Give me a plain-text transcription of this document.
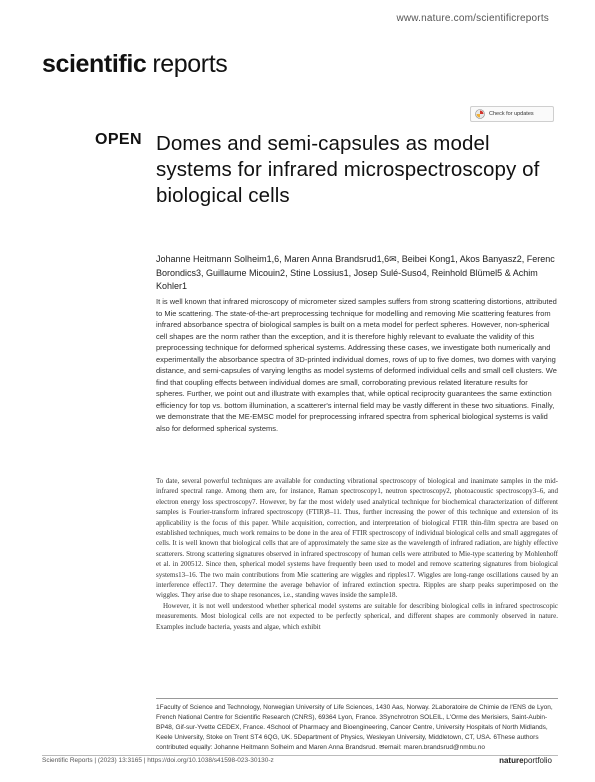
www.nature.com/scientificreports
scientific reports
Check for updates
OPEN Domes and semi-capsules as model systems for infrared microspectroscopy of biological cells
Johanne Heitmann Solheim1,6, Maren Anna Brandsrud1,6✉, Beibei Kong1, Akos Banyasz2, Ferenc Borondics3, Guillaume Micouin2, Stine Lossius1, Josep Sulé-Suso4, Reinhold Blümel5 & Achim Kohler1

It is well known that infrared microscopy of micrometer sized samples suffers from strong scattering distortions, attributed to Mie scattering. The state-of-the-art preprocessing technique for modelling and removing Mie scattering features from infrared absorbance spectra of biological samples is built on a meta model for perfect spheres. However, non-spherical cell shapes are the norm rather than the exception, and it is therefore highly relevant to evaluate the validity of this preprocessing technique for deformed spherical systems. Addressing these cases, we investigate both numerically and experimentally the absorbance spectra of 3D-printed individual domes, rows of up to five domes, two domes with varying distance, and semi-capsules of varying lengths as model systems of deformed individual cells and small cell clusters. We find that coupling effects between individual domes are small, corroborating previous related literature results for spheres. Further, we point out and illustrate with examples that, while optical reciprocity guarantees the same extinction efficiency for top vs. bottom illumination, a scatterer's internal field may be vastly different in these two situations. Finally, we demonstrate that the ME-EMSC model for preprocessing infrared spectra from spherical biological systems is valid also for deformed spherical systems.

To date, several powerful techniques are available for conducting vibrational spectroscopy of biological and inanimate samples in the mid-infrared spectral range. Among them are, for instance, Raman spectroscopy1, neutron spectroscopy2, photoacoustic spectroscopy3–6, and electron energy loss spectroscopy7. However, by far the most widely used analytical technique for biochemical characterization of different samples is Fourier-transform infrared spectroscopy (FTIR)8–11. Thus, further increasing the power of this technique and extension of its applicability is the focus of this paper. While acquisition, correction, and interpretation of biological FTIR thin-film spectra are based on established techniques, much work remains to be done in the area of FTIR spectroscopy of individual biological cells and small aggregates of cells. It is well known that biological cells that are of approximately the same size as the wavelength of infrared radiation, are highly effective scatterers. Strong scattering signatures observed in infrared spectroscopy of human cells were attributed to Mie-type scattering by Mohlenhoff et al. in 200512. Since then, spherical model systems have frequently been used to model and remove scattering signatures from biological systems13–16. The two main contributions from Mie scattering are wiggles and ripples17. Wiggles are long-range oscillations caused by an interference effect17. They determine the average behavior of infrared extinction spectra. Ripples are sharp peaks superimposed on the wiggles. They arise due to shape resonances, i.e., standing waves inside the sample18.

However, it is not well understood whether spherical model systems are suitable for describing biological cells in infrared spectroscopic measurements. Most biological cells are not expected to be perfectly spherical, and different shapes are commonly observed in nature. Examples include bacteria, yeasts and algae, which exhibit

1Faculty of Science and Technology, Norwegian University of Life Sciences, 1430 Aas, Norway. 2Laboratoire de Chimie de l'ENS de Lyon, French National Centre for Scientific Research (CNRS), 69364 Lyon, France. 3Synchrotron SOLEIL, L'Orme des Merisiers, Saint-Aubin-BP48, Gif-sur-Yvette CEDEX, France. 4School of Pharmacy and Bioengineering, Cancer Centre, University Hospitals of North Midlands, Keele University, Stoke on Trent ST4 6QG, UK. 5Department of Physics, Wesleyan University, Middletown, CT, USA. 6These authors contributed equally: Johanne Heitmann Solheim and Maren Anna Brandsrud. ✉email: maren.brandsrud@nmbu.no
Scientific Reports | (2023) 13:3165 | https://doi.org/10.1038/s41598-023-30130-z	natureportfolio
